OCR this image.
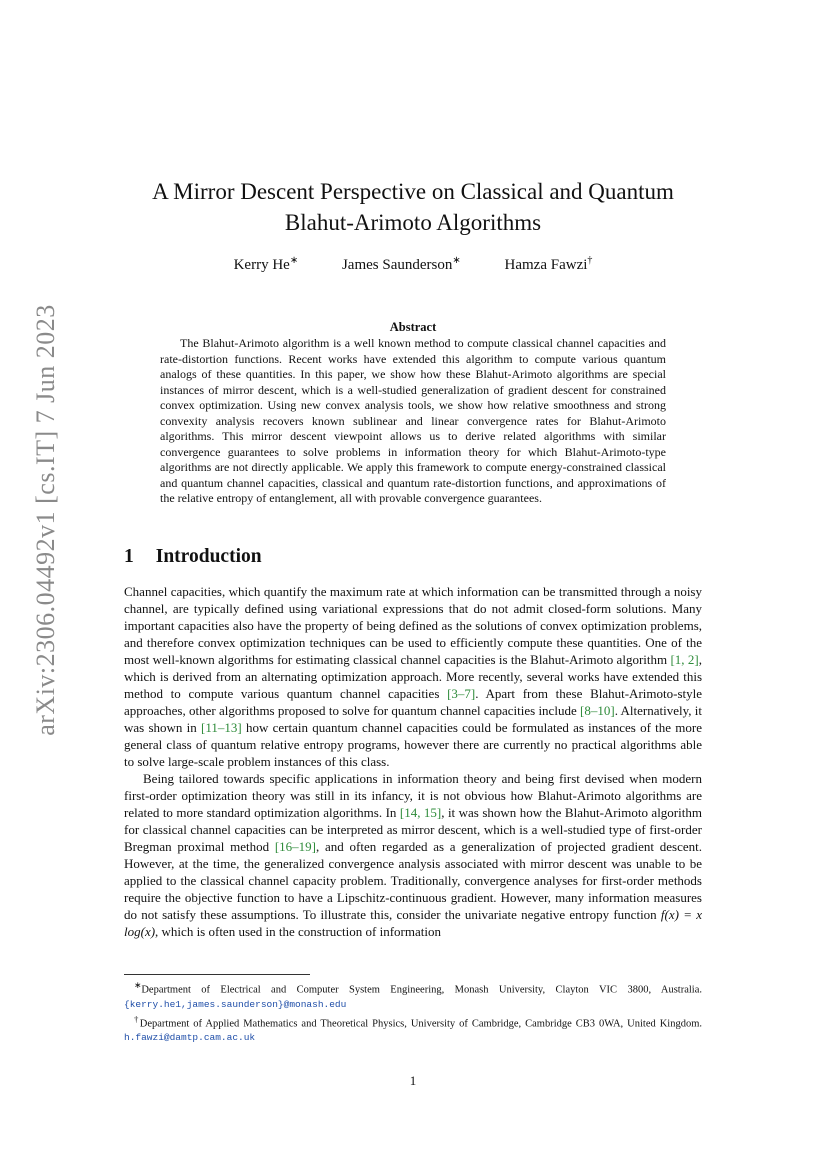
arXiv:2306.04492v1 [cs.IT] 7 Jun 2023
A Mirror Descent Perspective on Classical and Quantum
Blahut-Arimoto Algorithms
Kerry He∗	James Saunderson∗	Hamza Fawzi†
Abstract

The Blahut-Arimoto algorithm is a well known method to compute classical channel capacities and rate-distortion functions. Recent works have extended this algorithm to compute various quantum analogs of these quantities. In this paper, we show how these Blahut-Arimoto algorithms are special instances of mirror descent, which is a well-studied generalization of gradient descent for constrained convex optimization. Using new convex analysis tools, we show how relative smoothness and strong convexity analysis recovers known sublinear and linear convergence rates for Blahut-Arimoto algorithms. This mirror descent viewpoint allows us to derive related algorithms with similar convergence guarantees to solve problems in information theory for which Blahut-Arimoto-type algorithms are not directly applicable. We apply this framework to compute energy-constrained classical and quantum channel capacities, classical and quantum rate-distortion functions, and approximations of the relative entropy of entanglement, all with provable convergence guarantees.

1 Introduction

Channel capacities, which quantify the maximum rate at which information can be transmitted through a noisy channel, are typically defined using variational expressions that do not admit closed-form solutions. Many important capacities also have the property of being defined as the solutions of convex optimization problems, and therefore convex optimization techniques can be used to efficiently compute these quantities. One of the most well-known algorithms for estimating classical channel capacities is the Blahut-Arimoto algorithm [1, 2], which is derived from an alternating optimization approach. More recently, several works have extended this method to compute various quantum channel capacities [3–7]. Apart from these Blahut-Arimoto-style approaches, other algorithms proposed to solve for quantum channel capacities include [8–10]. Alternatively, it was shown in [11–13] how certain quantum channel capacities could be formulated as instances of the more general class of quantum relative entropy programs, however there are currently no practical algorithms able to solve large-scale problem instances of this class.

Being tailored towards specific applications in information theory and being first devised when modern first-order optimization theory was still in its infancy, it is not obvious how Blahut-Arimoto algorithms are related to more standard optimization algorithms. In [14, 15], it was shown how the Blahut-Arimoto algorithm for classical channel capacities can be interpreted as mirror descent, which is a well-studied type of first-order Bregman proximal method [16–19], and often regarded as a generalization of projected gradient descent. However, at the time, the generalized convergence analysis associated with mirror descent was unable to be applied to the classical channel capacity problem. Traditionally, convergence analyses for first-order methods require the objective function to have a Lipschitz-continuous gradient. However, many information measures do not satisfy these assumptions. To illustrate this, consider the univariate negative entropy function f(x) = x log(x), which is often used in the construction of information

∗Department of Electrical and Computer System Engineering, Monash University, Clayton VIC 3800, Australia. {kerry.he1,james.saunderson}@monash.edu

†Department of Applied Mathematics and Theoretical Physics, University of Cambridge, Cambridge CB3 0WA, United Kingdom. h.fawzi@damtp.cam.ac.uk

1
